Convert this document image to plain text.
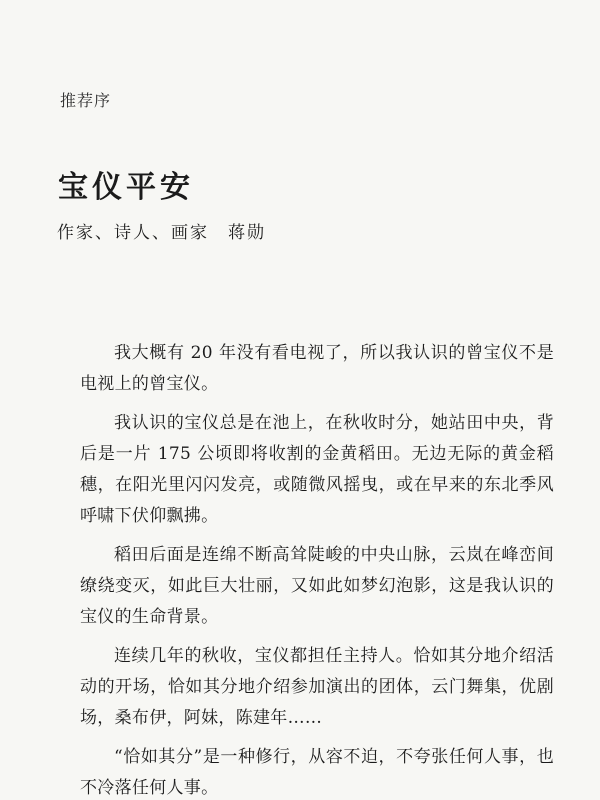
推荐序
宝仪平安
作家、诗人、画家　蒋勋

我大概有 20 年没有看电视了，所以我认识的曾宝仪不是电视上的曾宝仪。

我认识的宝仪总是在池上，在秋收时分，她站田中央，背后是一片 175 公顷即将收割的金黄稻田。无边无际的黄金稻穗，在阳光里闪闪发亮，或随微风摇曳，或在早来的东北季风呼啸下伏仰飘拂。

稻田后面是连绵不断高耸陡峻的中央山脉，云岚在峰峦间缭绕变灭，如此巨大壮丽，又如此如梦幻泡影，这是我认识的宝仪的生命背景。

连续几年的秋收，宝仪都担任主持人。恰如其分地介绍活动的开场，恰如其分地介绍参加演出的团体，云门舞集，优剧场，桑布伊，阿妹，陈建年……

“恰如其分”是一种修行，从容不迫，不夸张任何人事，也不冷落任何人事。
